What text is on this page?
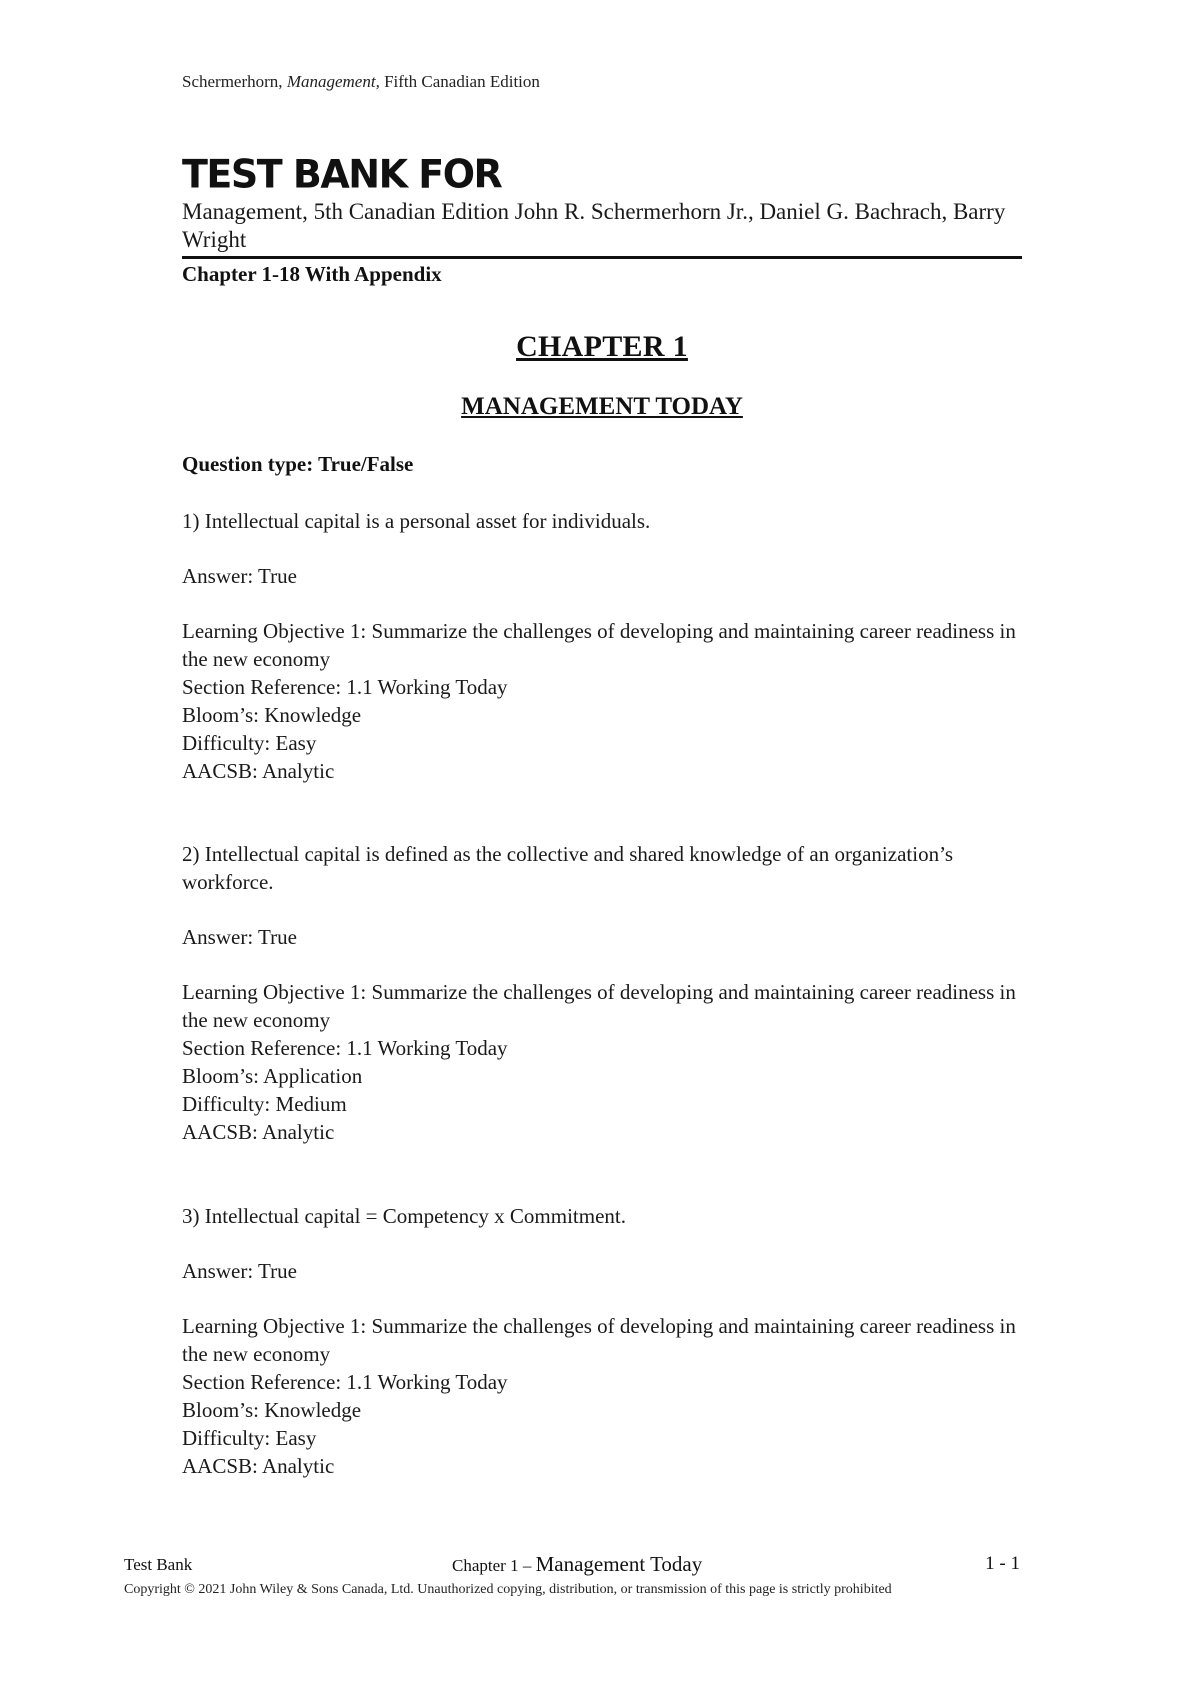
Schermerhorn, Management, Fifth Canadian Edition
TEST BANK FOR
Management, 5th Canadian Edition John R. Schermerhorn Jr., Daniel G. Bachrach, Barry Wright
Chapter 1-18 With Appendix
CHAPTER 1
MANAGEMENT TODAY
Question type: True/False

1) Intellectual capital is a personal asset for individuals.

Answer: True

Learning Objective 1: Summarize the challenges of developing and maintaining career readiness in the new economy
Section Reference: 1.1 Working Today
Bloom’s: Knowledge
Difficulty: Easy
AACSB: Analytic

2) Intellectual capital is defined as the collective and shared knowledge of an organization’s workforce.

Answer: True

Learning Objective 1: Summarize the challenges of developing and maintaining career readiness in the new economy
Section Reference: 1.1 Working Today
Bloom’s: Application
Difficulty: Medium
AACSB: Analytic

3) Intellectual capital = Competency x Commitment.

Answer: True

Learning Objective 1: Summarize the challenges of developing and maintaining career readiness in the new economy
Section Reference: 1.1 Working Today
Bloom’s: Knowledge
Difficulty: Easy
AACSB: Analytic
Test Bank	Chapter 1 – Management Today	1 - 1
Copyright © 2021 John Wiley & Sons Canada, Ltd. Unauthorized copying, distribution, or transmission of this page is strictly prohibited
